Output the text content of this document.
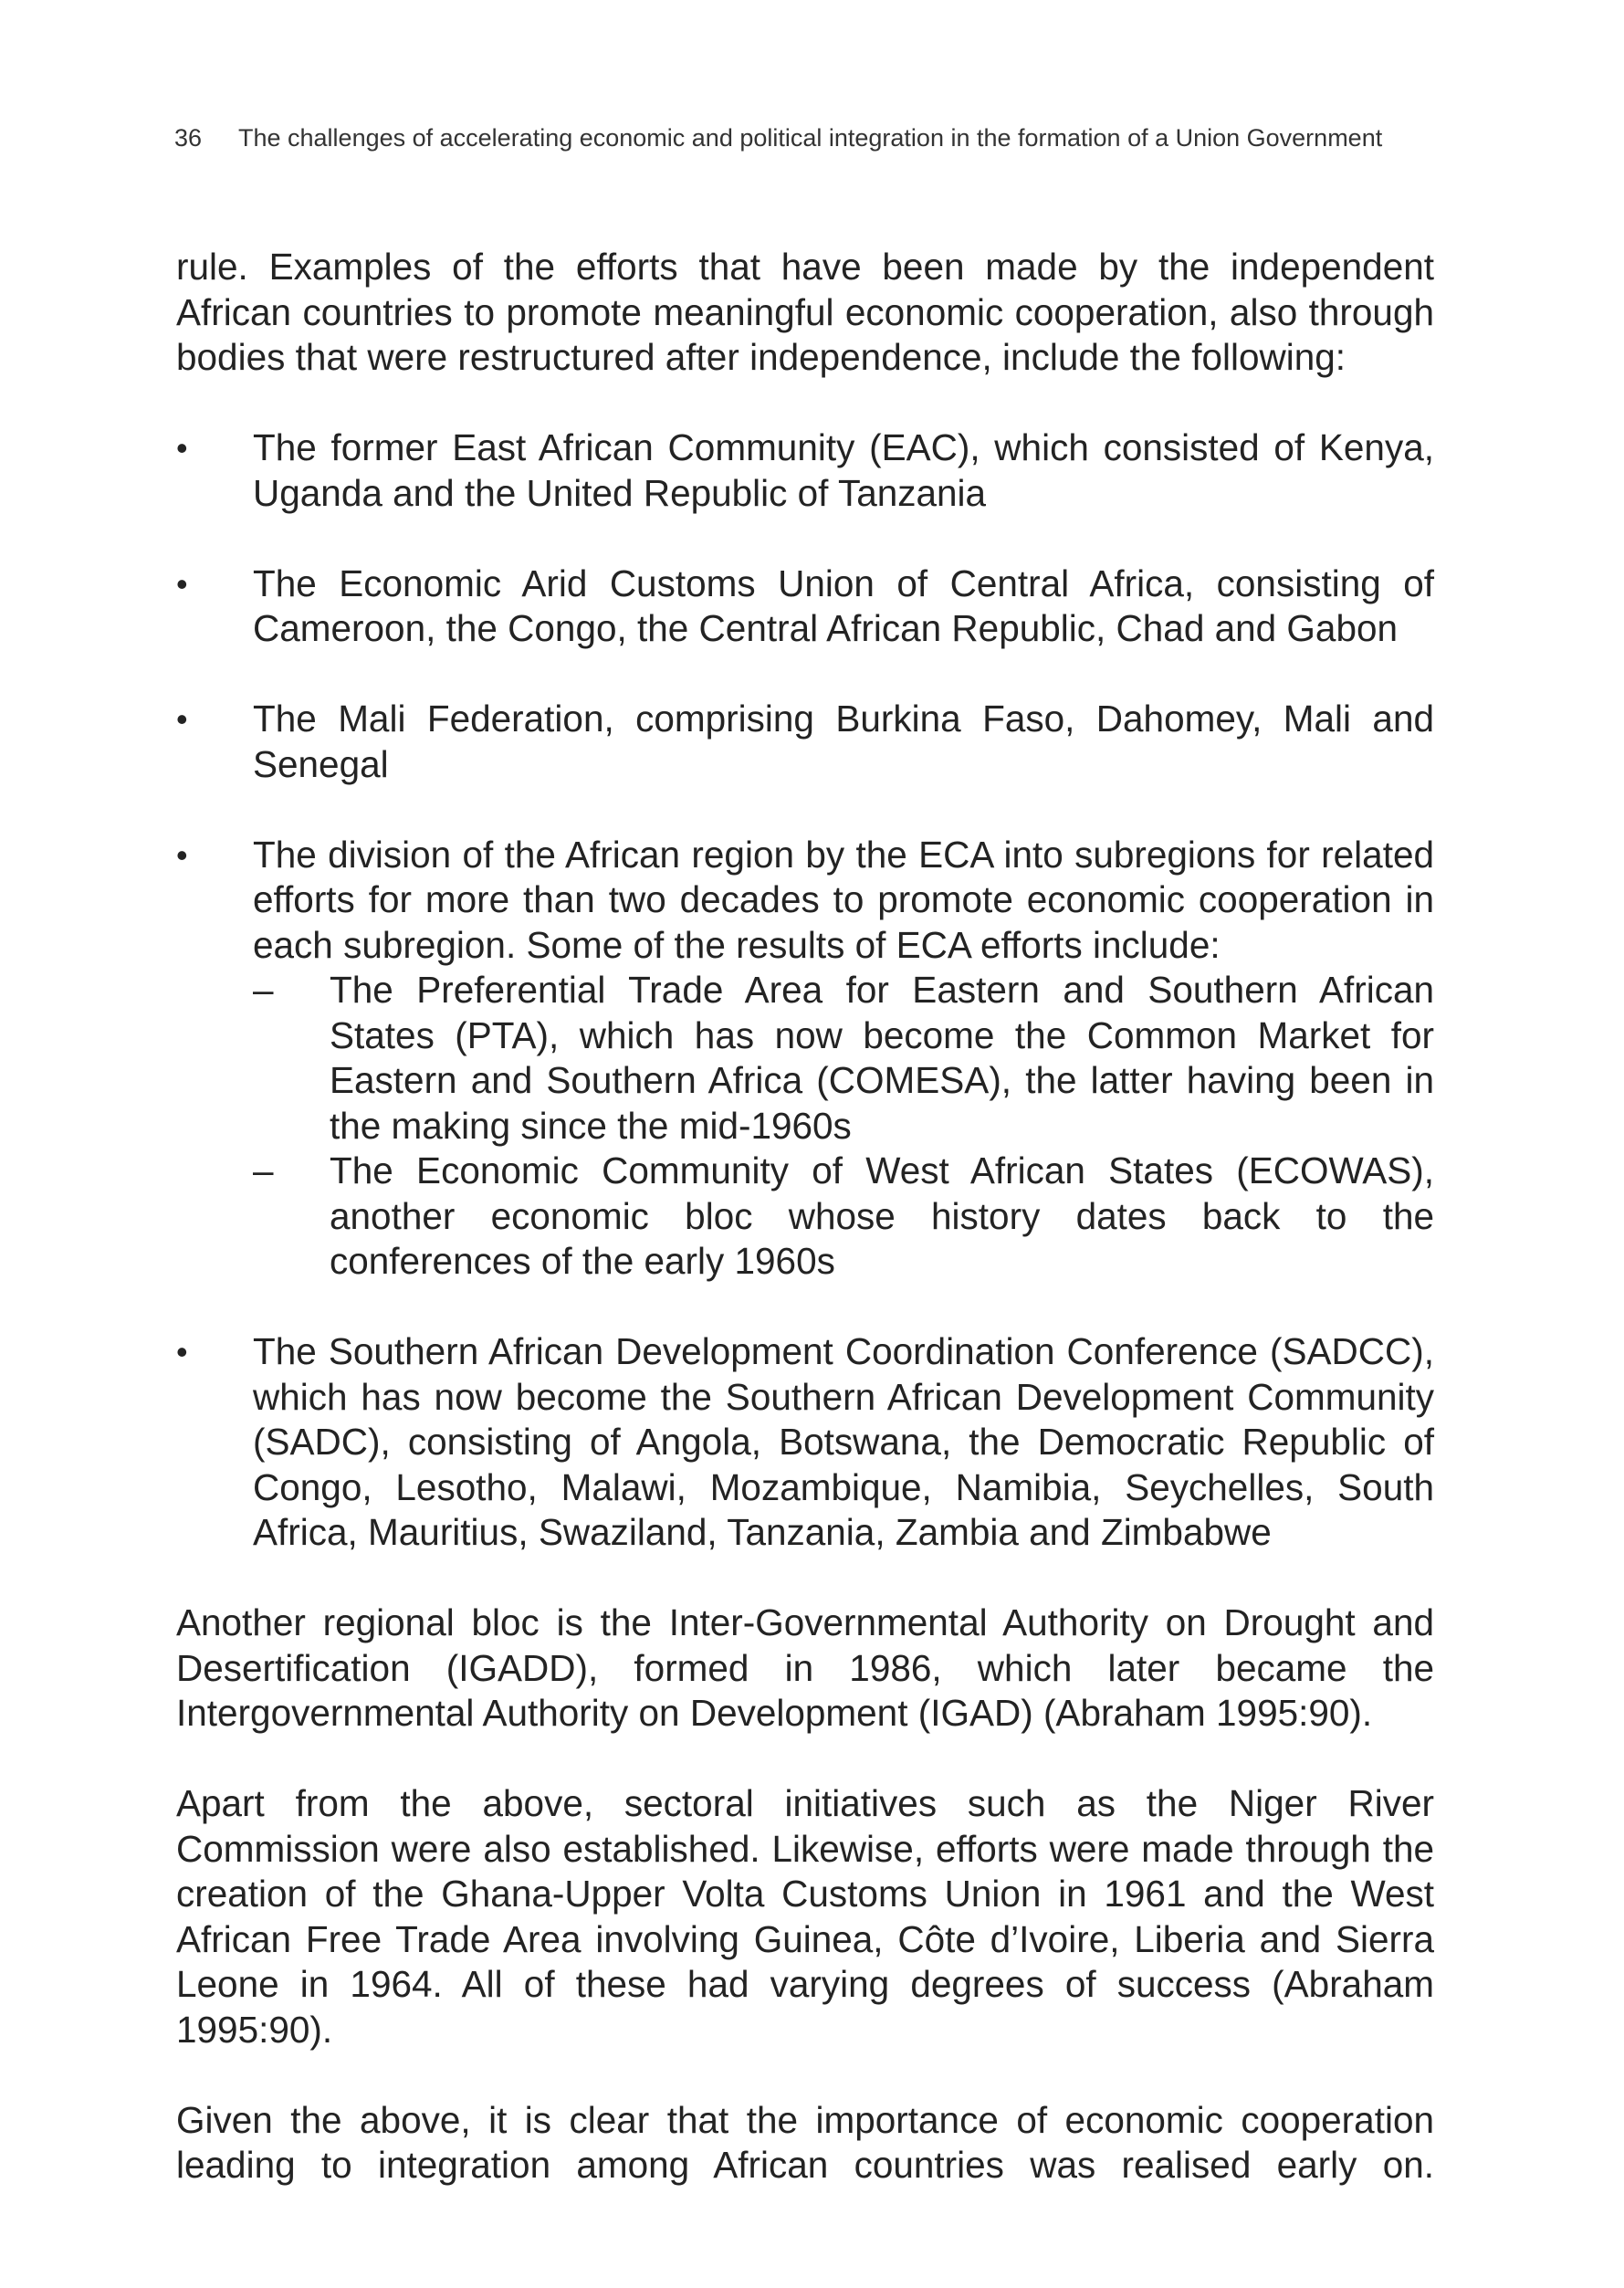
36 The challenges of accelerating economic and political integration in the formation of a Union Government

rule. Examples of the efforts that have been made by the independent African countries to promote meaningful economic cooperation, also through bodies that were restructured after independence, include the following:

•	The former East African Community (EAC), which consisted of Kenya, Uganda and the United Republic of Tanzania
•	The Economic Arid Customs Union of Central Africa, consisting of Cameroon, the Congo, the Central African Republic, Chad and Gabon
•	The Mali Federation, comprising Burkina Faso, Dahomey, Mali and Senegal
•	The division of the African region by the ECA into subregions for related efforts for more than two decades to promote economic cooperation in each subregion. Some of the results of ECA efforts include:
– The Preferential Trade Area for Eastern and Southern African States (PTA), which has now become the Common Market for Eastern and Southern Africa (COMESA), the latter having been in the making since the mid-1960s
– The Economic Community of West African States (ECOWAS), another economic bloc whose history dates back to the conferences of the early 1960s
•	The Southern African Development Coordination Conference (SADCC), which has now become the Southern African Development Community (SADC), consisting of Angola, Botswana, the Democratic Republic of Congo, Lesotho, Malawi, Mozambique, Namibia, Seychelles, South Africa, Mauritius, Swaziland, Tanzania, Zambia and Zimbabwe

Another regional bloc is the Inter-Governmental Authority on Drought and Desertification (IGADD), formed in 1986, which later became the Intergovernmental Authority on Development (IGAD) (Abraham 1995:90).

Apart from the above, sectoral initiatives such as the Niger River Commission were also established. Likewise, efforts were made through the creation of the Ghana-Upper Volta Customs Union in 1961 and the West African Free Trade Area involving Guinea, Côte d’Ivoire, Liberia and Sierra Leone in 1964. All of these had varying degrees of success (Abraham 1995:90).

Given the above, it is clear that the importance of economic cooperation leading to integration among African countries was realised early on.
